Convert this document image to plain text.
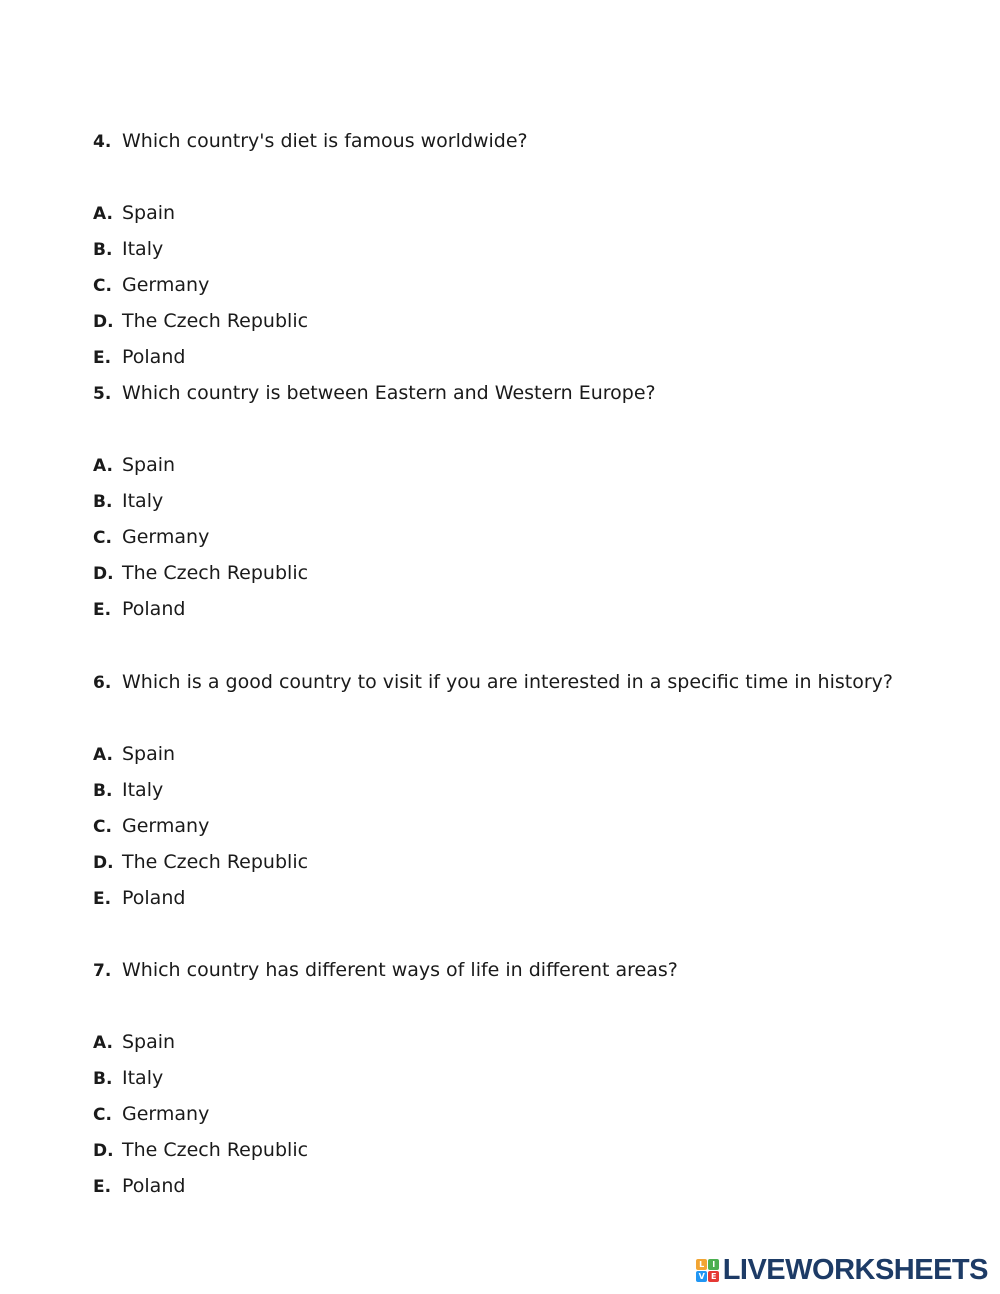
4. Which country's diet is famous worldwide?
A. Spain
B. Italy
C. Germany
D. The Czech Republic
E. Poland
5. Which country is between Eastern and Western Europe?
A. Spain
B. Italy
C. Germany
D. The Czech Republic
E. Poland
6. Which is a good country to visit if you are interested in a specific time in history?
A. Spain
B. Italy
C. Germany
D. The Czech Republic
E. Poland
7. Which country has different ways of life in different areas?
A. Spain
B. Italy
C. Germany
D. The Czech Republic
E. Poland
L I
V E LIVEWORKSHEETS
